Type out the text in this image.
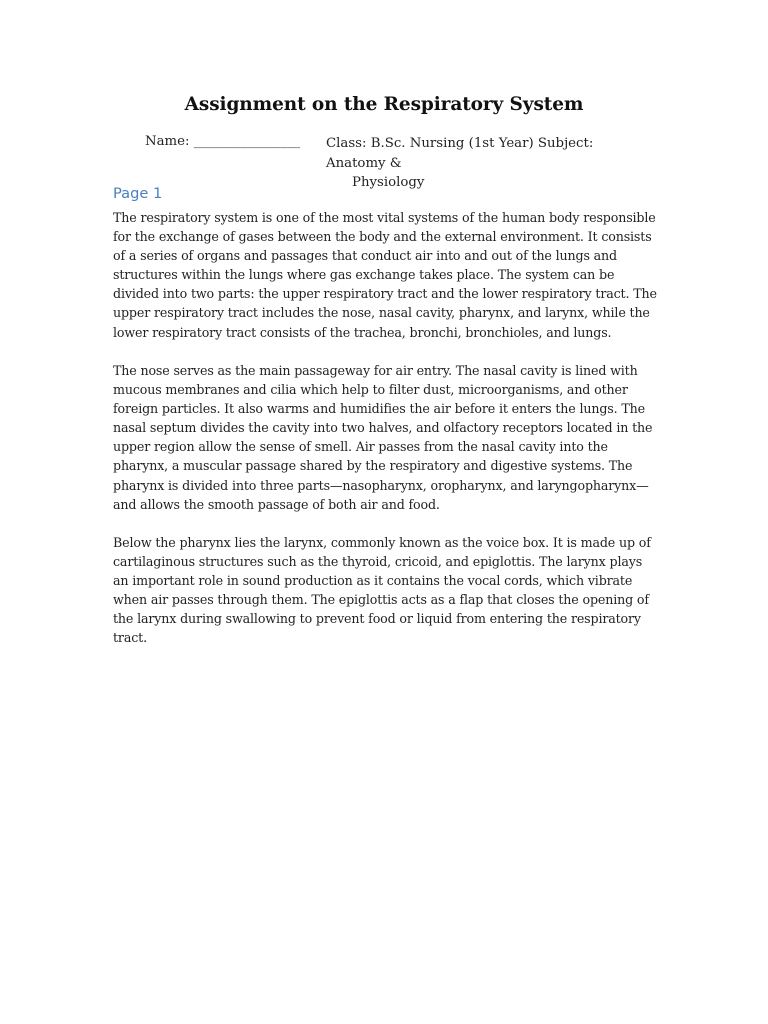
Assignment on the Respiratory System
Name: ________________ Class: B.Sc. Nursing (1st Year) Subject: Anatomy &
Physiology
Page 1

The respiratory system is one of the most vital systems of the human body responsible for the exchange of gases between the body and the external environment. It consists of a series of organs and passages that conduct air into and out of the lungs and structures within the lungs where gas exchange takes place. The system can be divided into two parts: the upper respiratory tract and the lower respiratory tract. The upper respiratory tract includes the nose, nasal cavity, pharynx, and larynx, while the lower respiratory tract consists of the trachea, bronchi, bronchioles, and lungs.

The nose serves as the main passageway for air entry. The nasal cavity is lined with mucous membranes and cilia which help to filter dust, microorganisms, and other foreign particles. It also warms and humidifies the air before it enters the lungs. The nasal septum divides the cavity into two halves, and olfactory receptors located in the upper region allow the sense of smell. Air passes from the nasal cavity into the pharynx, a muscular passage shared by the respiratory and digestive systems. The pharynx is divided into three parts—nasopharynx, oropharynx, and laryngopharynx—and allows the smooth passage of both air and food.

Below the pharynx lies the larynx, commonly known as the voice box. It is made up of cartilaginous structures such as the thyroid, cricoid, and epiglottis. The larynx plays an important role in sound production as it contains the vocal cords, which vibrate when air passes through them. The epiglottis acts as a flap that closes the opening of the larynx during swallowing to prevent food or liquid from entering the respiratory tract.
